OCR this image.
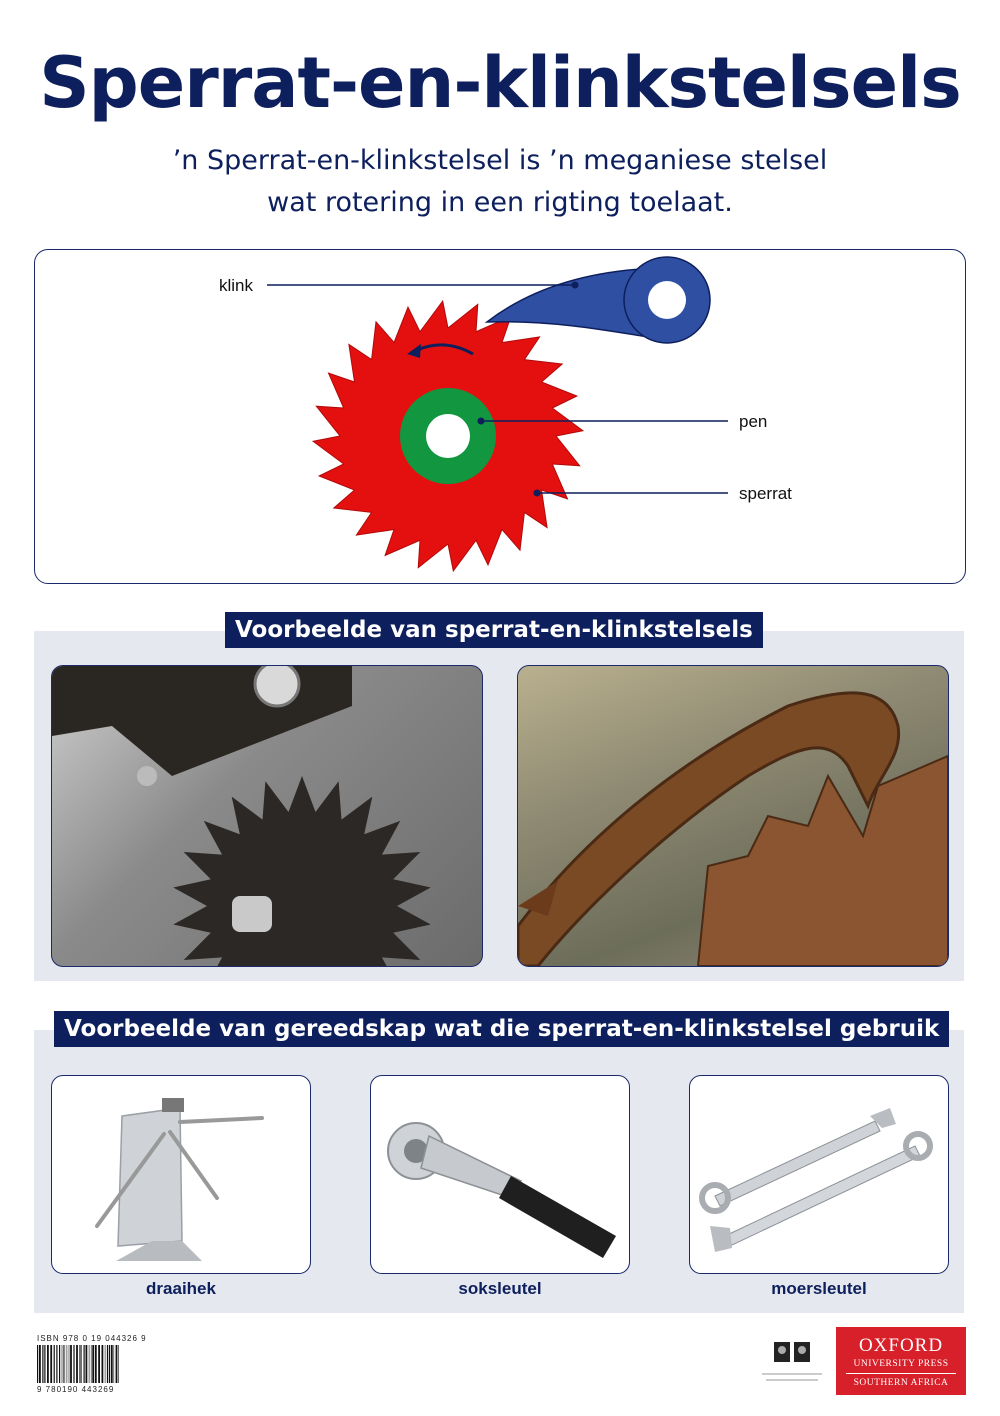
Sperrat-en-klinkstelsels
’n Sperrat-en-klinkstelsel is ’n meganiese stelsel
wat rotering in een rigting toelaat.
klink
pen
sperrat
Voorbeelde van sperrat-en-klinkstelsels
Voorbeelde van gereedskap wat die sperrat-en-klinkstelsel gebruik
draaihek	soksleutel	moersleutel
ISBN 978 0 19 044326 9
9 780190 443269
OXFORD
UNIVERSITY PRESS
SOUTHERN AFRICA
